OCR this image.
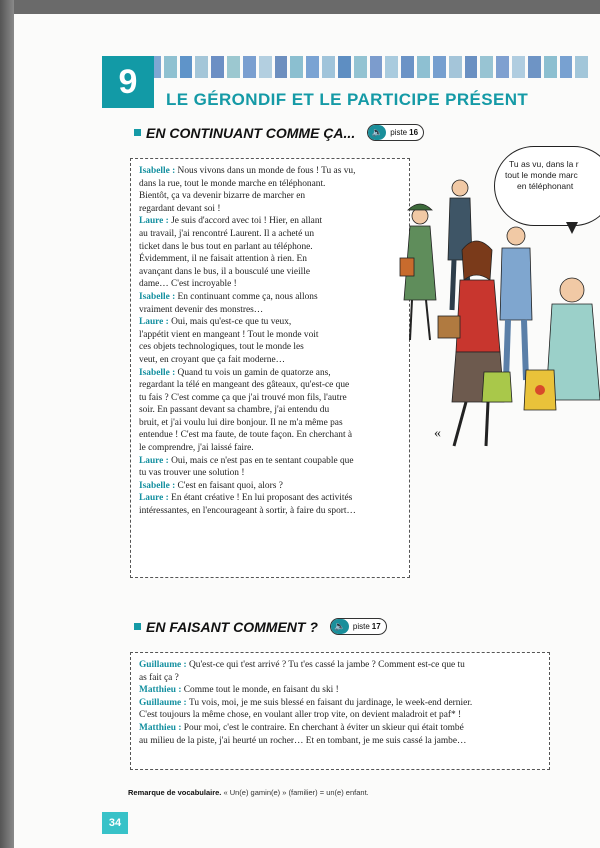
9 LE GÉRONDIF ET LE PARTICIPE PRÉSENT
EN CONTINUANT COMME ÇA...	🔈 piste 16

Isabelle : Nous vivons dans un monde de fous ! Tu as vu,

dans la rue, tout le monde marche en téléphonant.

Bientôt, ça va devenir bizarre de marcher en

regardant devant soi !

Laure : Je suis d'accord avec toi ! Hier, en allant

au travail, j'ai rencontré Laurent. Il a acheté un

ticket dans le bus tout en parlant au téléphone.

Évidemment, il ne faisait attention à rien. En

avançant dans le bus, il a bousculé une vieille

dame… C'est incroyable !

Isabelle : En continuant comme ça, nous allons

vraiment devenir des monstres…

Laure : Oui, mais qu'est-ce que tu veux,

l'appétit vient en mangeant ! Tout le monde voit

ces objets technologiques, tout le monde les

veut, en croyant que ça fait moderne…

Isabelle : Quand tu vois un gamin de quatorze ans,

regardant la télé en mangeant des gâteaux, qu'est-ce que

tu fais ? C'est comme ça que j'ai trouvé mon fils, l'autre

soir. En passant devant sa chambre, j'ai entendu du

bruit, et j'ai voulu lui dire bonjour. Il ne m'a même pas

entendue ! C'est ma faute, de toute façon. En cherchant à

le comprendre, j'ai laissé faire.

Laure : Oui, mais ce n'est pas en te sentant coupable que

tu vas trouver une solution !

Isabelle : C'est en faisant quoi, alors ?

Laure : En étant créative ! En lui proposant des activités

intéressantes, en l'encourageant à sortir, à faire du sport…

Tu as vu, dans la r
tout le monde marc
en téléphonant
«
EN FAISANT COMMENT ?	🔈 piste 17

Guillaume : Qu'est-ce qui t'est arrivé ? Tu t'es cassé la jambe ? Comment est-ce que tu

as fait ça ?

Matthieu : Comme tout le monde, en faisant du ski !

Guillaume : Tu vois, moi, je me suis blessé en faisant du jardinage, le week-end dernier.

C'est toujours la même chose, en voulant aller trop vite, on devient maladroit et paf* !

Matthieu : Pour moi, c'est le contraire. En cherchant à éviter un skieur qui était tombé

au milieu de la piste, j'ai heurté un rocher… Et en tombant, je me suis cassé la jambe…

Remarque de vocabulaire. « Un(e) gamin(e) » (familier) = un(e) enfant.
34
